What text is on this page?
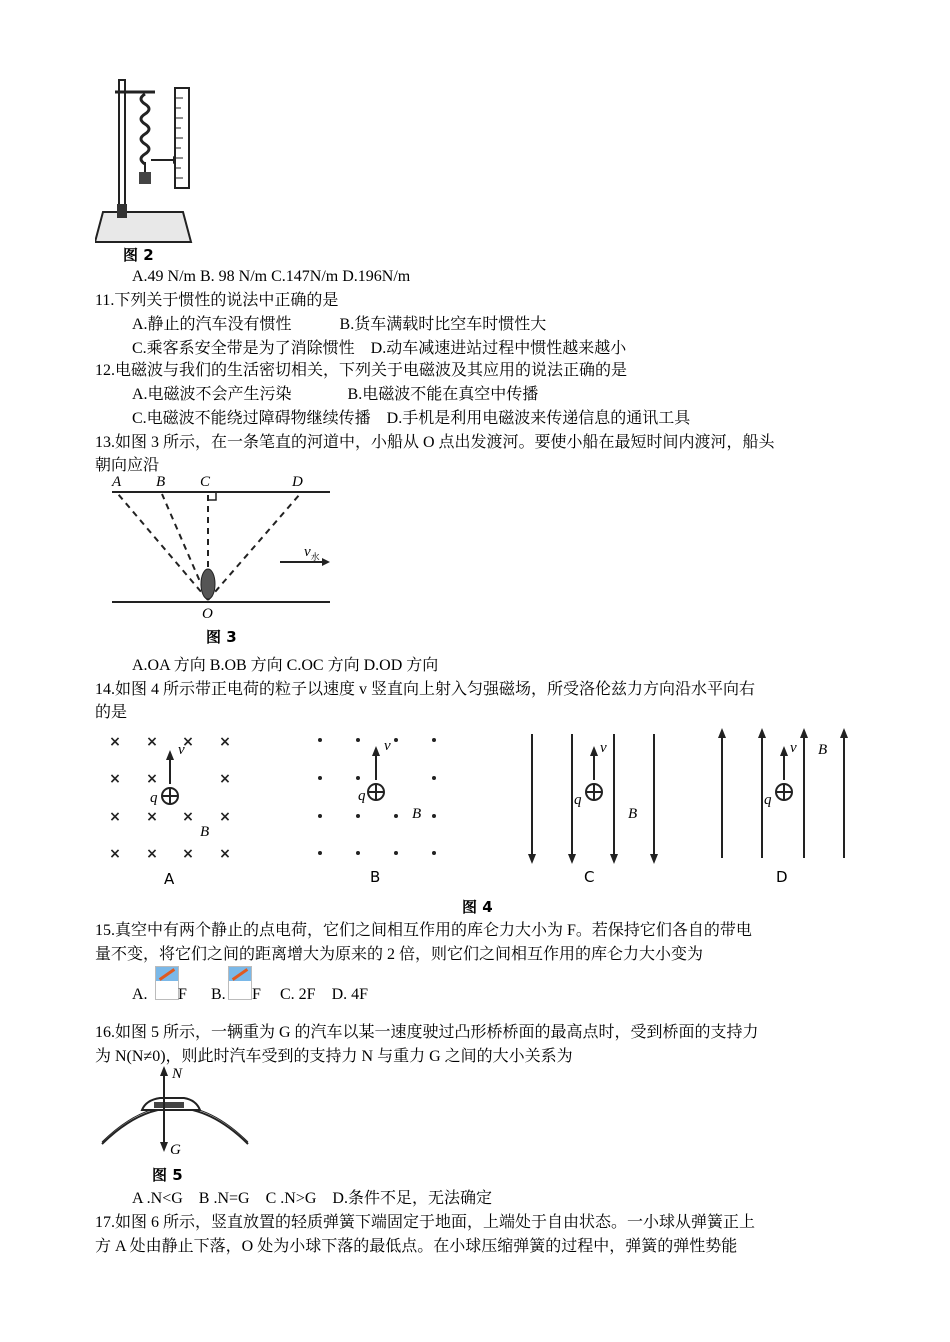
图 2
A.49 N/m B. 98 N/m C.147N/m D.196N/m
11.下列关于惯性的说法中正确的是
A.静止的汽车没有惯性            B.货车满载时比空车时惯性大
C.乘客系安全带是为了消除惯性    D.动车减速进站过程中惯性越来越小
12.电磁波与我们的生活密切相关，下列关于电磁波及其应用的说法正确的是
A.电磁波不会产生污染              B.电磁波不能在真空中传播
C.电磁波不能绕过障碍物继续传播    D.手机是利用电磁波来传递信息的通讯工具
13.如图 3 所示，在一条笔直的河道中，小船从 O 点出发渡河。要使小船在最短时间内渡河，船头
朝向应沿
A B C	D
$v_水$
O
图 3
A.OA 方向 B.OB 方向 C.OC 方向 D.OD 方向
14.如图 4 所示带正电荷的粒子以速度 v 竖直向上射入匀强磁场，所受洛伦兹力方向沿水平向右
的是
× × × ×
× ×	×
× × × ×
× × × ×
v
q
B
v
q
B
v
q
B
v
q
B
A	B	C	D
图 4
15.真空中有两个静止的点电荷，它们之间相互作用的库仑力大小为 F。若保持它们各自的带电
量不变，将它们之间的距离增大为原来的 2 倍，则它们之间相互作用的库仑力大小变为
A. F B. F C. 2F    D. 4F
16.如图 5 所示，一辆重为 G 的汽车以某一速度驶过凸形桥桥面的最高点时，受到桥面的支持力
为 N(N≠0)，则此时汽车受到的支持力 N 与重力 G 之间的大小关系为
N
G
图 5
A .N<G    B .N=G    C .N>G    D.条件不足，无法确定
17.如图 6 所示，竖直放置的轻质弹簧下端固定于地面，上端处于自由状态。一小球从弹簧正上
方 A 处由静止下落，O 处为小球下落的最低点。在小球压缩弹簧的过程中，弹簧的弹性势能
